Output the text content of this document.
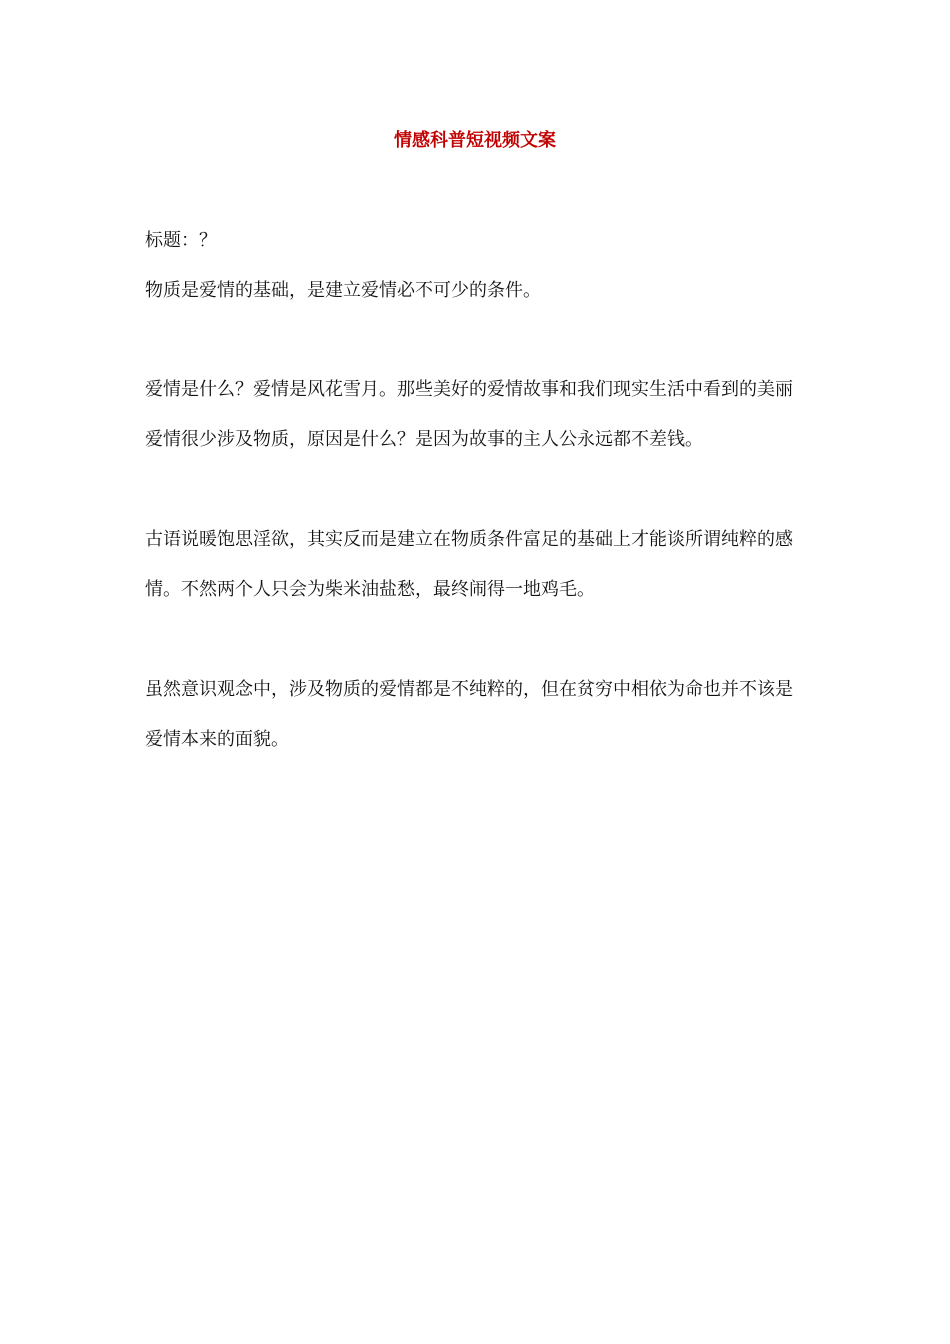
情感科普短视频文案

标题：？

物质是爱情的基础，是建立爱情必不可少的条件。

爱情是什么？爱情是风花雪月。那些美好的爱情故事和我们现实生活中看到的美丽爱情很少涉及物质，原因是什么？是因为故事的主人公永远都不差钱。

古语说暖饱思淫欲，其实反而是建立在物质条件富足的基础上才能谈所谓纯粹的感情。不然两个人只会为柴米油盐愁，最终闹得一地鸡毛。

虽然意识观念中，涉及物质的爱情都是不纯粹的，但在贫穷中相依为命也并不该是爱情本来的面貌。
